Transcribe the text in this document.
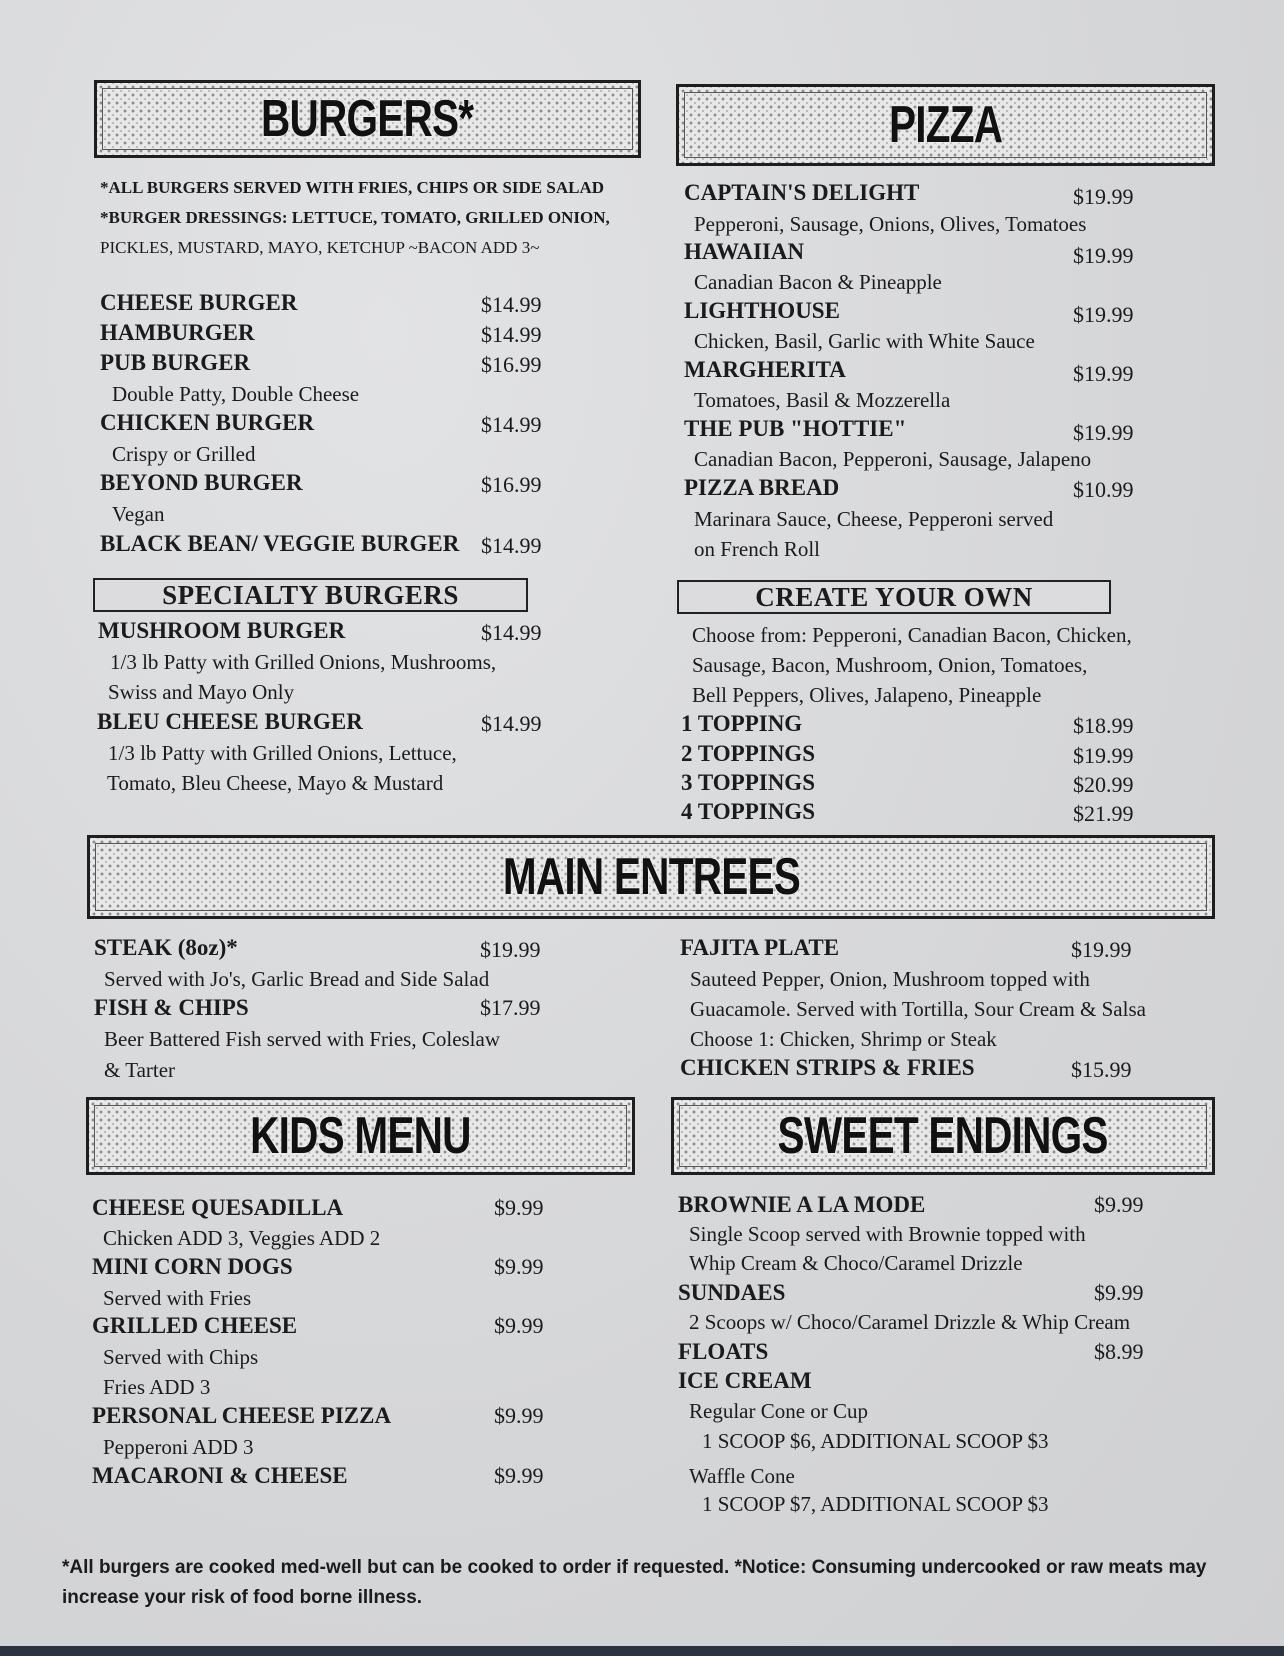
BURGERS*
*ALL BURGERS SERVED WITH FRIES, CHIPS OR SIDE SALAD
*BURGER DRESSINGS: LETTUCE, TOMATO, GRILLED ONION,
PICKLES, MUSTARD, MAYO, KETCHUP ~BACON ADD 3~
CHEESE BURGER	$14.99
HAMBURGER	$14.99
PUB BURGER	$16.99
Double Patty, Double Cheese
CHICKEN BURGER	$14.99
Crispy or Grilled
BEYOND BURGER	$16.99
Vegan
BLACK BEAN/ VEGGIE BURGER $14.99
SPECIALTY BURGERS
MUSHROOM BURGER	$14.99
1/3 lb Patty with Grilled Onions, Mushrooms,
Swiss and Mayo Only
BLEU CHEESE BURGER	$14.99
1/3 lb Patty with Grilled Onions, Lettuce,
Tomato, Bleu Cheese, Mayo & Mustard
PIZZA
CAPTAIN'S DELIGHT	$19.99
Pepperoni, Sausage, Onions, Olives, Tomatoes
HAWAIIAN	$19.99
Canadian Bacon & Pineapple
LIGHTHOUSE	$19.99
Chicken, Basil, Garlic with White Sauce
MARGHERITA	$19.99
Tomatoes, Basil & Mozzerella
THE PUB "HOTTIE"	$19.99
Canadian Bacon, Pepperoni, Sausage, Jalapeno
PIZZA BREAD	$10.99
Marinara Sauce, Cheese, Pepperoni served
on French Roll
CREATE YOUR OWN
Choose from: Pepperoni, Canadian Bacon, Chicken,
Sausage, Bacon, Mushroom, Onion, Tomatoes,
Bell Peppers, Olives, Jalapeno, Pineapple
1 TOPPING	$18.99
2 TOPPINGS	$19.99
3 TOPPINGS	$20.99
4 TOPPINGS	$21.99
MAIN ENTREES
STEAK (8oz)*	$19.99
Served with Jo's, Garlic Bread and Side Salad
FISH & CHIPS	$17.99
Beer Battered Fish served with Fries, Coleslaw
& Tarter
FAJITA PLATE	$19.99
Sauteed Pepper, Onion, Mushroom topped with
Guacamole. Served with Tortilla, Sour Cream & Salsa
Choose 1: Chicken, Shrimp or Steak
CHICKEN STRIPS & FRIES	$15.99
KIDS MENU
CHEESE QUESADILLA	$9.99
Chicken ADD 3, Veggies ADD 2
MINI CORN DOGS	$9.99
Served with Fries
GRILLED CHEESE	$9.99
Served with Chips
Fries ADD 3
PERSONAL CHEESE PIZZA	$9.99
Pepperoni ADD 3
MACARONI & CHEESE	$9.99
SWEET ENDINGS
BROWNIE A LA MODE	$9.99
Single Scoop served with Brownie topped with
Whip Cream & Choco/Caramel Drizzle
SUNDAES	$9.99
2 Scoops w/ Choco/Caramel Drizzle & Whip Cream
FLOATS	$8.99
ICE CREAM
Regular Cone or Cup
1 SCOOP $6, ADDITIONAL SCOOP $3
Waffle Cone
1 SCOOP $7, ADDITIONAL SCOOP $3
*All burgers are cooked med-well but can be cooked to order if requested. *Notice: Consuming undercooked or raw meats may
increase your risk of food borne illness.
